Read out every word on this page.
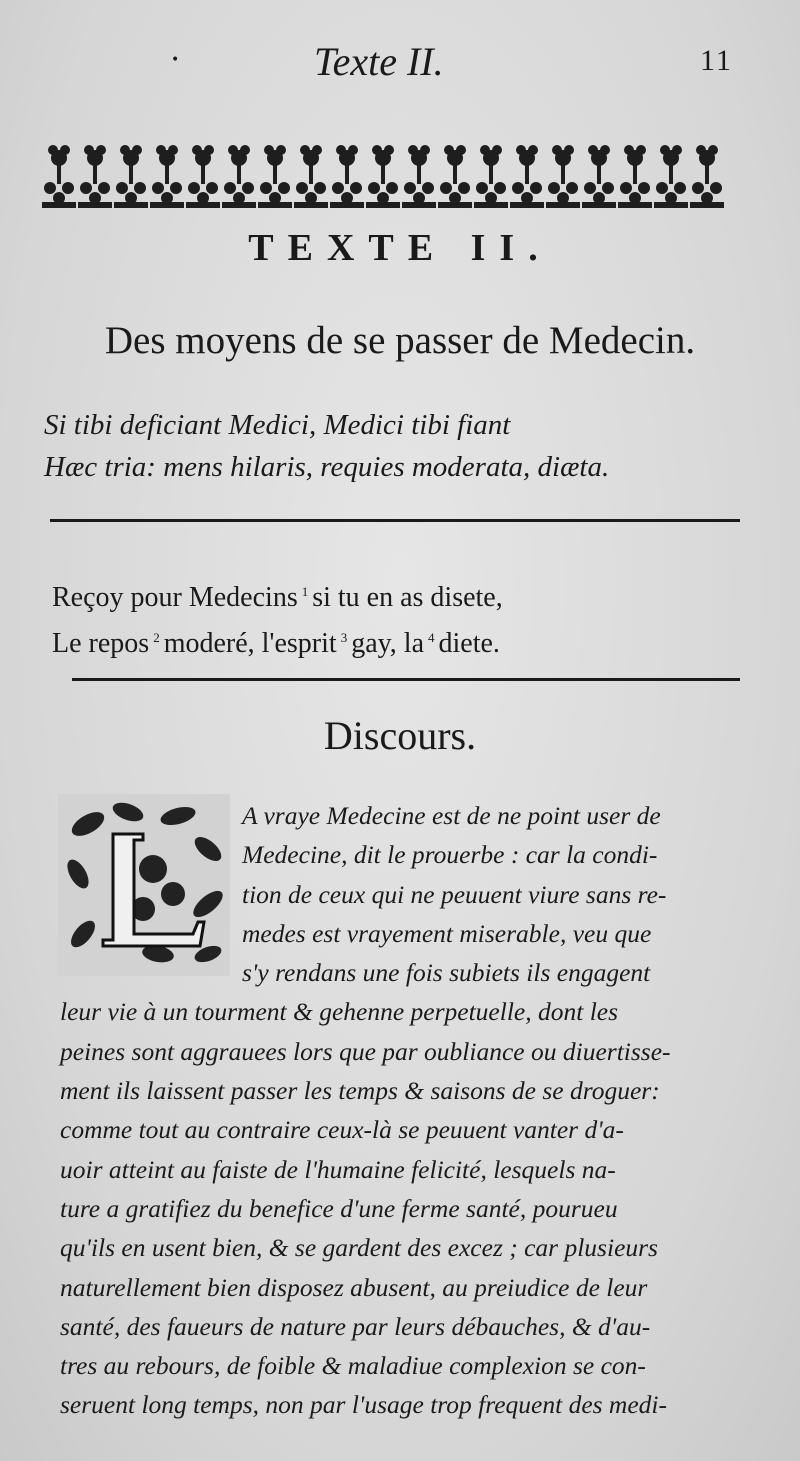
•	Texte II.	11
TEXTE II.
Des moyens de se passer de Medecin.
Si tibi deficiant Medici, Medici tibi fiant
Hæc tria: mens hilaris, requies moderata, diæta.
Reçoy pour Medecins $^1$ si tu en as disete,
Le repos $^2$ moderé, l'esprit $^3$ gay, la $^4$ diete.
Discours.
A vraye Medecine est de ne point user de
Medecine, dit le prouerbe : car la condi-
tion de ceux qui ne peuuent viure sans re-
medes est vrayement miserable, veu que
s'y rendans une fois subiets ils engagent
leur vie à un tourment & gehenne perpetuelle, dont les
peines sont aggrauees lors que par oubliance ou diuertisse-
ment ils laissent passer les temps & saisons de se droguer:
comme tout au contraire ceux-là se peuuent vanter d'a-
uoir atteint au faiste de l'humaine felicité, lesquels na-
ture a gratifiez du benefice d'une ferme santé, pourueu
qu'ils en usent bien, & se gardent des excez ; car plusieurs
naturellement bien disposez abusent, au preiudice de leur
santé, des faueurs de nature par leurs débauches, & d'au-
tres au rebours, de foible & maladiue complexion se con-
seruent long temps, non par l'usage trop frequent des medi-
